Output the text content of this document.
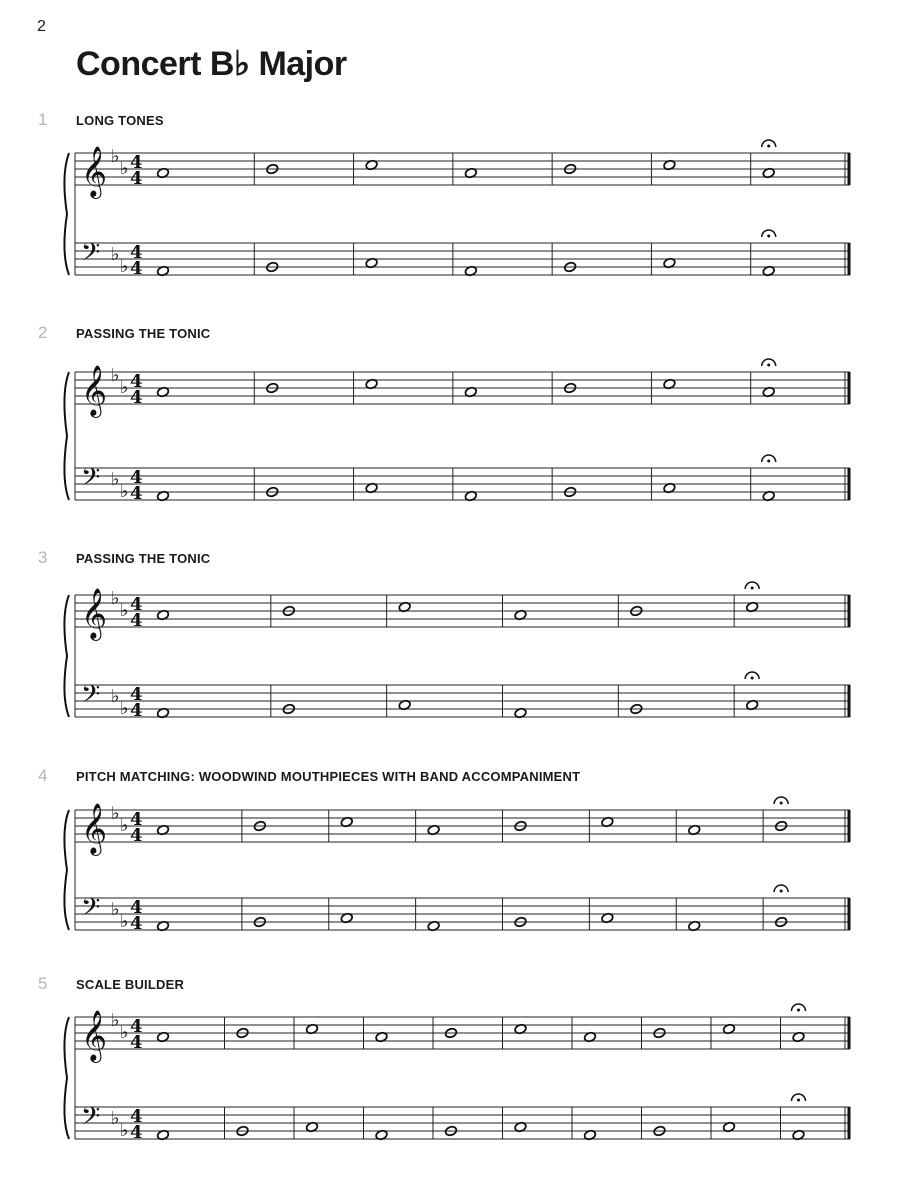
2
Concert B♭ Major
1 LONG TONES
𝄞 ♭
♭ 4
4
𝄢 ♭
♭
4
4
2 PASSING THE TONIC
𝄞 ♭
♭ 4
4
𝄢 ♭
♭
4
4
3 PASSING THE TONIC
𝄞 ♭
♭ 4
4
𝄢 ♭
♭
4
4
4 PITCH MATCHING: WOODWIND MOUTHPIECES WITH BAND ACCOMPANIMENT
𝄞 ♭
♭ 4
4
𝄢 ♭
♭
4
4
5 SCALE BUILDER
𝄞 ♭
♭ 4
4
𝄢 ♭
♭
4
4
